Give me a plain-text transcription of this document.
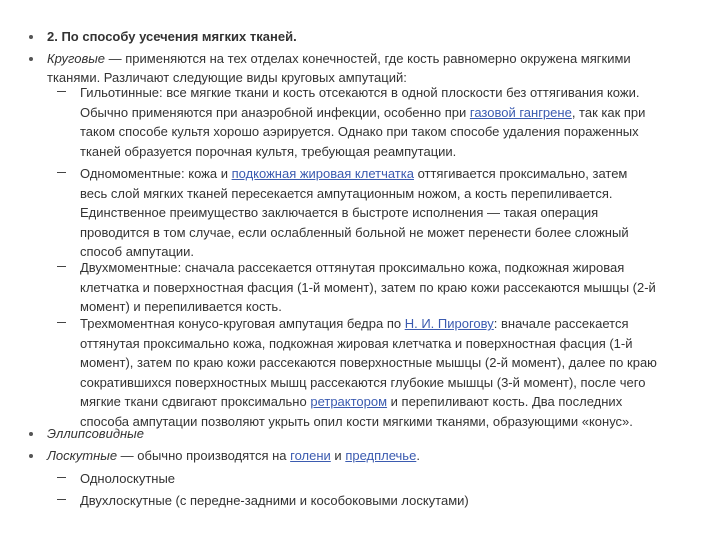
2. По способу усечения мягких тканей.
Круговые — применяются на тех отделах конечностей, где кость равномерно окружена мягкими
тканями. Различают следующие виды круговых ампутаций:
Гильотинные: все мягкие ткани и кость отсекаются в одной плоскости без оттягивания кожи.
Обычно применяются при анаэробной инфекции, особенно при газовой гангрене, так как при
таком способе культя хорошо аэрируется. Однако при таком способе удаления пораженных
тканей образуется порочная культя, требующая реампутации.
Одномоментные: кожа и подкожная жировая клетчатка оттягивается проксимально, затем
весь слой мягких тканей пересекается ампутационным ножом, а кость перепиливается.
Единственное преимущество заключается в быстроте исполнения — такая операция
проводится в том случае, если ослабленный больной не может перенести более сложный
способ ампутации.
Двухмоментные: сначала рассекается оттянутая проксимально кожа, подкожная жировая
клетчатка и поверхностная фасция (1-й момент), затем по краю кожи рассекаются мышцы (2-й
момент) и перепиливается кость.
Трехмоментная конусо-круговая ампутация бедра по Н. И. Пирогову: вначале рассекается
оттянутая проксимально кожа, подкожная жировая клетчатка и поверхностная фасция (1-й
момент), затем по краю кожи рассекаются поверхностные мышцы (2-й момент), далее по краю
сократившихся поверхностных мышц рассекаются глубокие мышцы (3-й момент), после чего
мягкие ткани сдвигают проксимально ретрактором и перепиливают кость. Два последних
способа ампутации позволяют укрыть опил кости мягкими тканями, образующими «конус».
Эллипсовидные
Лоскутные — обычно производятся на голени и предплечье.
Однолоскутные
Двухлоскутные (с передне-задними и кособоковыми лоскутами)
